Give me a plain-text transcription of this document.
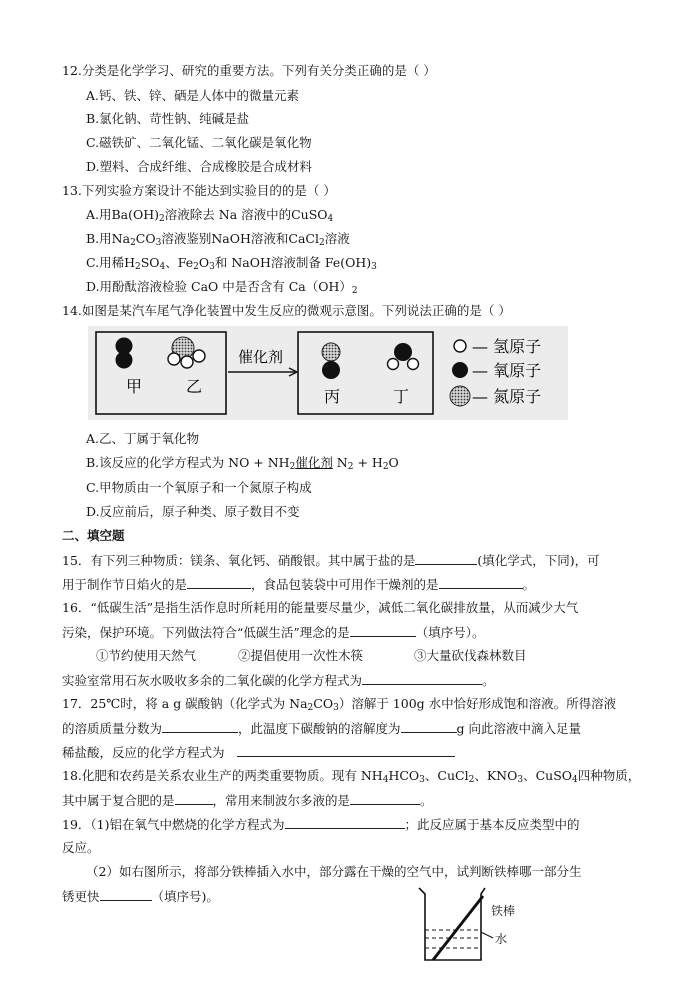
12.分类是化学学习、研究的重要方法。下列有关分类正确的是（ ）
A.钙、铁、锌、硒是人体中的微量元素
B.氯化钠、苛性钠、纯碱是盐
C.磁铁矿、二氧化锰、二氧化碳是氧化物
D.塑料、合成纤维、合成橡胶是合成材料
13.下列实验方案设计不能达到实验目的的是（ ）
A.用$Ba(OH)_2$溶液除去 Na 溶液中的CuSO$_4$
B.用$Na_2CO_3$溶液鉴别NaOH溶液和CaCl$_2$溶液
C.用稀$H_2SO_4$、$Fe_2O_3$和 NaOH溶液制备 $Fe(OH)_3$
D.用酚酞溶液检验 CaO 中是否含有 $Ca(OH)_2$
14.如图是某汽车尾气净化装置中发生反应的微观示意图。下列说法正确的是（ ）
甲	乙
催化剂
丙	丁
— 氢原子
— 氧原子
— 氮原子
A.乙、丁属于氧化物
B.该反应的化学方程式为 NO + $NH_2$催化剂 $N_2 + H_2O$
C.甲物质由一个氧原子和一个氮原子构成
D.反应前后，原子种类、原子数目不变
二、填空题
15．有下列三种物质：镁条、氧化钙、硝酸银。其中属于盐的是	(填化学式，下同)，可
用于制作节日焰火的是	，食品包装袋中可用作干燥剂的是	。
16．“低碳生活”是指生活作息时所耗用的能量要尽量少，减低二氧化碳排放量，从而减少大气
污染，保护环境。下列做法符合“低碳生活”理念的是	（填序号）。
①节约使用天然气	②提倡使用一次性木筷	③大量砍伐森林数目
实验室常用石灰水吸收多余的二氧化碳的化学方程式为	。
17．25℃时，将 a g 碳酸钠（化学式为 $Na_2CO_3$）溶解于 100g 水中恰好形成饱和溶液。所得溶液
的溶质质量分数为	，此温度下碳酸钠的溶解度为	g 向此溶液中滴入足量
稀盐酸，反应的化学方程式为
18.化肥和农药是关系农业生产的两类重要物质。现有 $NH_4HCO_3$、CuCl$_2$、$KNO_3$、CuSO$_4$四种物质，
其中属于复合肥的是	，常用来制波尔多液的是	。
19．（1)铝在氧气中燃烧的化学方程式为	；此反应属于基本反应类型中的
反应。
（2）如右图所示，将部分铁棒插入水中，部分露在干燥的空气中，试判断铁棒哪一部分生
锈更快	（填序号)。
铁棒
水
